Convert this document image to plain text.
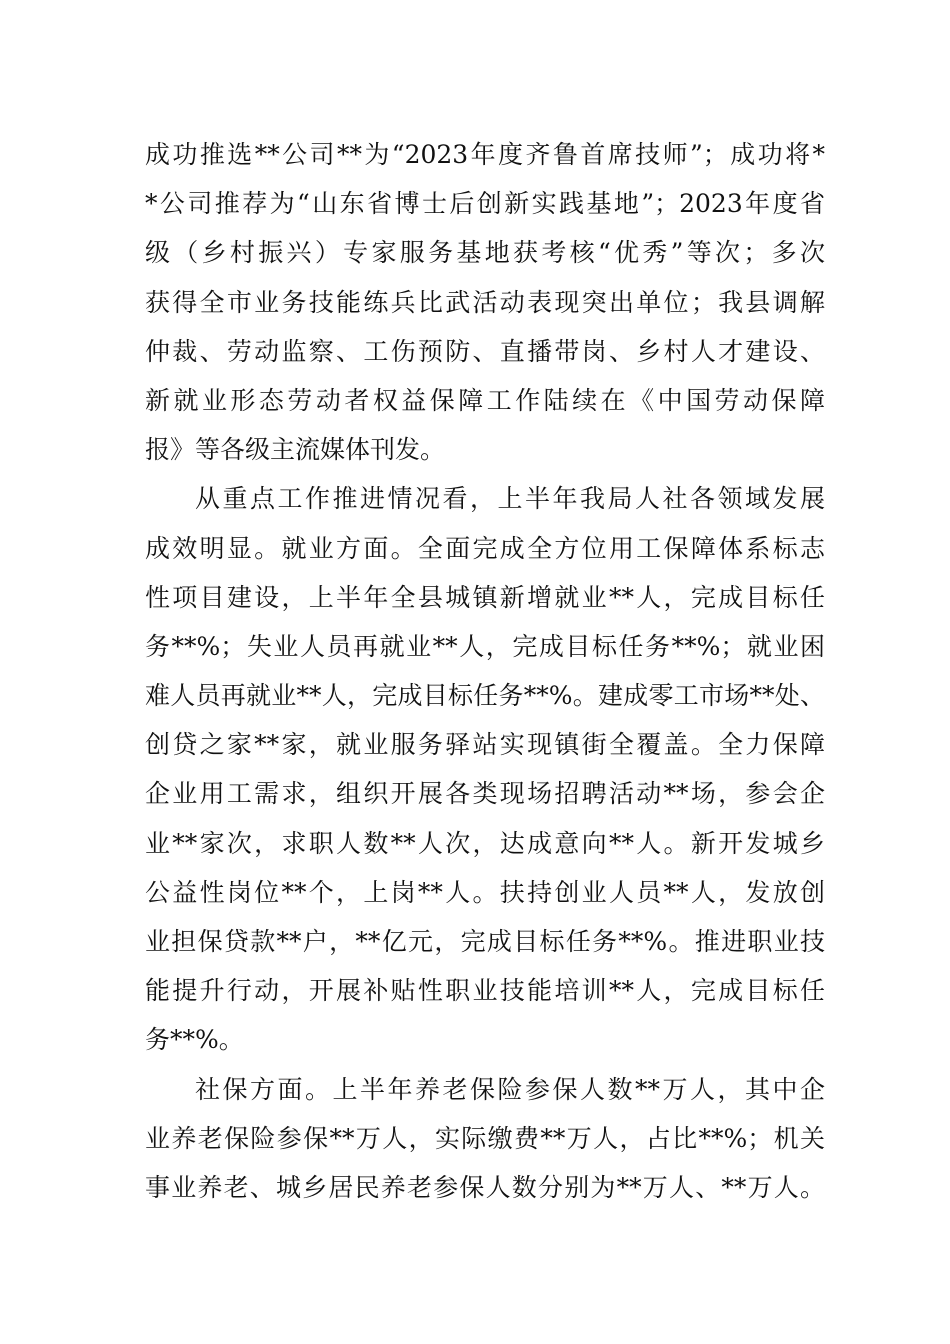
成功推选**公司**为“2023年度齐鲁首席技师”；成功将*
*公司推荐为“山东省博士后创新实践基地”；2023年度省
级（乡村振兴）专家服务基地获考核“优秀”等次；多次
获得全市业务技能练兵比武活动表现突出单位；我县调解
仲裁、劳动监察、工伤预防、直播带岗、乡村人才建设、
新就业形态劳动者权益保障工作陆续在《中国劳动保障
报》等各级主流媒体刊发。
从重点工作推进情况看，上半年我局人社各领域发展
成效明显。就业方面。全面完成全方位用工保障体系标志
性项目建设，上半年全县城镇新增就业**人，完成目标任
务**%；失业人员再就业**人，完成目标任务**%；就业困
难人员再就业**人，完成目标任务**%。建成零工市场**处、
创贷之家**家，就业服务驿站实现镇街全覆盖。全力保障
企业用工需求，组织开展各类现场招聘活动**场，参会企
业**家次，求职人数**人次，达成意向**人。新开发城乡
公益性岗位**个，上岗**人。扶持创业人员**人，发放创
业担保贷款**户，**亿元，完成目标任务**%。推进职业技
能提升行动，开展补贴性职业技能培训**人，完成目标任
务**%。
社保方面。上半年养老保险参保人数**万人，其中企
业养老保险参保**万人，实际缴费**万人，占比**%；机关
事业养老、城乡居民养老参保人数分别为**万人、**万人。
